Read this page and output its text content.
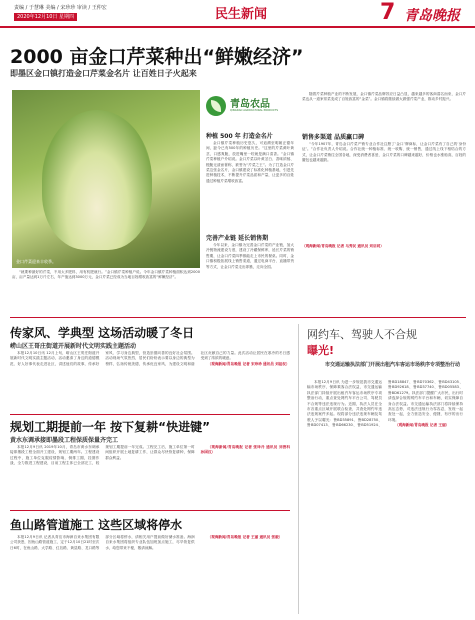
责编 / 于慧琳 美编 / 宋珍珍 审读 / 王仲宏
2020年12月10日 星期四	民生新闻	7 青岛晚报
2000 亩金口芹菜种出“鲜嫩经济”
即墨区金口镇打造金口芹菜金名片 让百姓日子火起来
金口芹菜迎来丰收季。

“就要种最好的芹菜，不用太多肥料，用有机肥就行。”金口镇芹菜种植户说。今年金口镇芹菜种植面积达到2000亩，亩产量达到1万斤左右，年产值达到3000万元，金口芹菜已经成为当地百姓增收致富的“鲜嫩经济”。

青岛农品
QINGDAO AGRICULTURAL PRODUCTS
种植 500 年 打造金名片

金口镇芹菜种植历史悠久，可追溯至明朝正德年间，距今已有500年的种植历史。“这里的芹菜黄叶黄茎，口感爽脆，放进嘴里一咬就是满口清香。”金口镇芹菜种植户介绍说。金口芹菜以叶黄茎白、香味浓郁、梗脆无渣而著称，被誉为“芹菜之王”。为了打造金口芹菜这张金名片，金口镇建设了标准化种植基地，引进先进种植技术，不断提升芹菜品质和产量，让更多的百姓通过种植芹菜增收致富。

完善产业链 延长销售期

今年以来，金口镇为完善金口芹菜的产业链，加大冷链物流建设力度，建设了冷藏保鲜库，延长芹菜的销售期，让金口芹菜四季都能走上市民的餐桌。同时，金口镇积极拓展线上销售渠道，通过电商平台、直播带货等方式，让金口芹菜走出即墨，走向全国。

随着芹菜种植产业的不断发展，金口镇芹菜品牌效应日益凸显，越来越多的客商慕名而来，金口芹菜也从一道家常菜变成了百姓致富的“金菜”。金口镇将继续做大做强芹菜产业，推动乡村振兴。

销售多渠道 品质赢口碑

“今年1907年，青岛金口芹菜产销专业合作社注册了‘金口’牌商标，让金口芹菜有了自己的‘身份证’。”合作社负责人介绍说。合作社统一种植标准、统一收购、统一销售，通过线上线下相结合的方式，让金口芹菜销往全国各地，深受消费者喜爱，金口芹菜的口碑越来越好，价格也水涨船高，百姓的腰包也越来越鼓。

（观海新闻/青岛晚报 记者 马秀民 通讯员 刘启同）
传家风、学典型 这场活动暖了冬日
崂山区王哥庄街道开展新时代文明实践主题活动

本报12月10日讯 12月上旬，崂山区王哥庄街道开展新时代文明实践主题活动，活动邀请了身边的道德模范、好人好事代表走进社区，讲述他们的故事，传承好家风、学习身边典型，营造崇德向善的良好社会氛围。活动现场气氛热烈，居民们纷纷表示要以身边的典型为榜样，弘扬传统美德，传承优良家风，为建设文明和谐社区贡献自己的力量。此次活动让居民在寒冷的冬日感受到了浓浓的暖意。

（观海新闻/青岛晚报 记者 宋珍珍 通讯员 刘祖权）

规划工期提前一年 按下复耕“快进键”
黄水东调承接即墨段工程保质保量齐完工

本报12月9日讯 2019年10月，青岛市黄水东调承接即墨段工程全面开工建设，规划工期两年。工程建设过程中，施工单位克服疫情影响，倒排工期，挂图作战，全力推进工程建设，目前工程主体已全部完工，较规划工期提前一年完成。工程完工后，施工单位第一时间组织开展土地复耕工作，让群众尽快恢复耕种，保障群众利益。

（观海新闻/青岛晚报 记者 张译丹 通讯员 刘善科 孙国汉）

鱼山路管道施工 这些区域将停水

本报12月9日讯 记者从青岛市海润自来水集团有限公司获悉，因鱼山路管道施工，定于12月10日21时至次日6时，在鱼山路、大学路、红岛路、黄县路、龙口路等部分区域将停水，请相关用户提前做好储水准备。海润自来水集团将组织专业队伍加班加点施工，尽早恢复供水，给您带来不便，敬请谅解。

（观海新闻/青岛晚报 记者 王丽 通讯员 张毅）

网约车、驾驶人不合规
曝光!
市交通运输执法部门开展出租汽车客运市场秩序专项整治行动

本报12月9日讯 为进一步规范我市交通运输市场秩序，保障乘客合法权益，市交通运输执法部门持续开展出租汽车客运市场秩序专项整治行动，重点查处网约车平台公司、驾驶员不合规等违法违规行为。近期，执法人员在全市各重点区域开展联合检查，共查处网约车违法违规案件多起。现将部分违法违规车辆及驾驶人予以曝光：鲁BD35891、鲁BD28750、鲁BD07413、鲁BD66230、鲁BD51924、鲁BD18847、鲁BD70362、鲁BD43105、鲁BD92618、鲁BD37740、鲁BD05583、鲁BD61279。执法部门提醒广大市民，出行时请选择合规的网约车平台和车辆，切实保障自身合法权益。市交通运输执法部门将持续保持高压态势，对违法违规行为零容忍，发现一起查处一起，全力营造安全、便捷、有序的出行环境。

（观海新闻/青岛晚报 记者 王丽）
